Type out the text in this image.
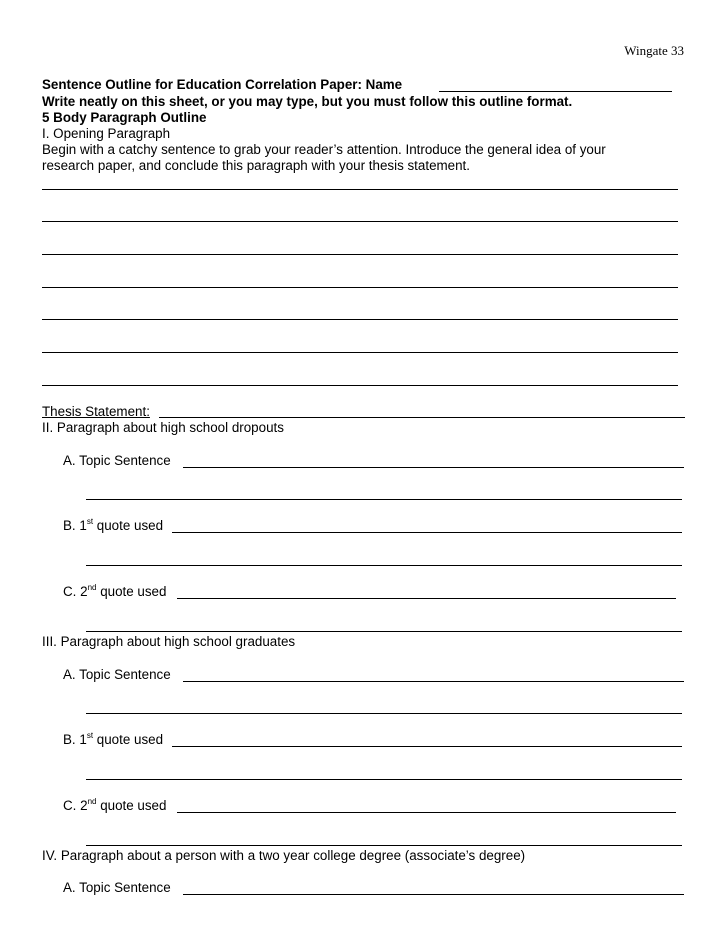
Wingate 33
Sentence Outline for Education Correlation Paper: Name
Write neatly on this sheet, or you may type, but you must follow this outline format.
5 Body Paragraph Outline
I. Opening Paragraph
Begin with a catchy sentence to grab your reader’s attention. Introduce the general idea of your
research paper, and conclude this paragraph with your thesis statement.
Thesis Statement:
II. Paragraph about high school dropouts
A. Topic Sentence
B. 1st quote used
C. 2nd quote used
III. Paragraph about high school graduates
A. Topic Sentence
B. 1st quote used
C. 2nd quote used
IV. Paragraph about a person with a two year college degree (associate’s degree)
A. Topic Sentence
